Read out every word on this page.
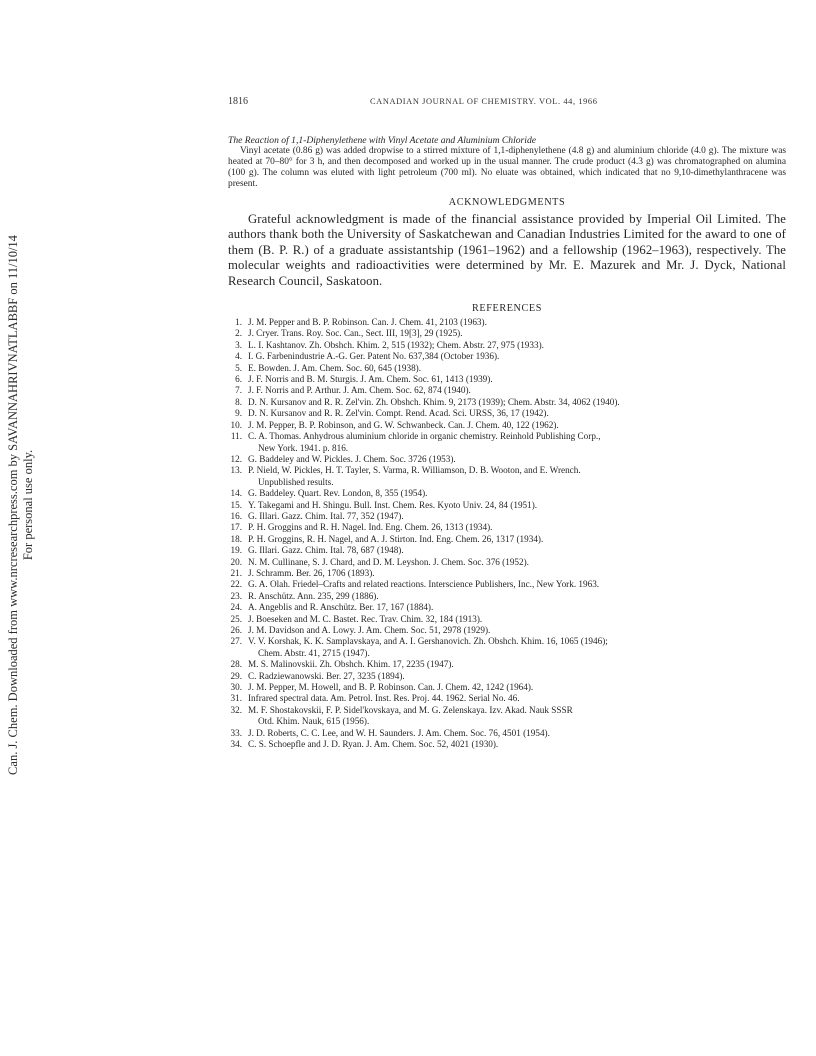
Can. J. Chem. Downloaded from www.nrcresearchpress.com by SAVANNAHRIVNATLABBF on 11/10/14 For personal use only.
1816	CANADIAN JOURNAL OF CHEMISTRY. VOL. 44, 1966
The Reaction of 1,1-Diphenylethene with Vinyl Acetate and Aluminium Chloride

Vinyl acetate (0.86 g) was added dropwise to a stirred mixture of 1,1-diphenylethene (4.8 g) and aluminium chloride (4.0 g). The mixture was heated at 70–80° for 3 h, and then decomposed and worked up in the usual manner. The crude product (4.3 g) was chromatographed on alumina (100 g). The column was eluted with light petroleum (700 ml). No eluate was obtained, which indicated that no 9,10-dimethylanthracene was present.

ACKNOWLEDGMENTS

Grateful acknowledgment is made of the financial assistance provided by Imperial Oil Limited. The authors thank both the University of Saskatchewan and Canadian Industries Limited for the award to one of them (B. P. R.) of a graduate assistantship (1961–1962) and a fellowship (1962–1963), respectively. The molecular weights and radioactivities were determined by Mr. E. Mazurek and Mr. J. Dyck, National Research Council, Saskatoon.

REFERENCES
1. J. M. Pepper and B. P. Robinson. Can. J. Chem. 41, 2103 (1963).
2. J. Cryer. Trans. Roy. Soc. Can., Sect. III, 19[3], 29 (1925).
3. L. I. Kashtanov. Zh. Obshch. Khim. 2, 515 (1932); Chem. Abstr. 27, 975 (1933).
4. I. G. Farbenindustrie A.-G. Ger. Patent No. 637,384 (October 1936).
5. E. Bowden. J. Am. Chem. Soc. 60, 645 (1938).
6. J. F. Norris and B. M. Sturgis. J. Am. Chem. Soc. 61, 1413 (1939).
7. J. F. Norris and P. Arthur. J. Am. Chem. Soc. 62, 874 (1940).
8. D. N. Kursanov and R. R. Zel'vin. Zh. Obshch. Khim. 9, 2173 (1939); Chem. Abstr. 34, 4062 (1940).
9. D. N. Kursanov and R. R. Zel'vin. Compt. Rend. Acad. Sci. URSS, 36, 17 (1942).
10. J. M. Pepper, B. P. Robinson, and G. W. Schwanbeck. Can. J. Chem. 40, 122 (1962).
11. C. A. Thomas. Anhydrous aluminium chloride in organic chemistry. Reinhold Publishing Corp.,
New York. 1941. p. 816.
12. G. Baddeley and W. Pickles. J. Chem. Soc. 3726 (1953).
13. P. Nield, W. Pickles, H. T. Tayler, S. Varma, R. Williamson, D. B. Wooton, and E. Wrench.
Unpublished results.
14. G. Baddeley. Quart. Rev. London, 8, 355 (1954).
15. Y. Takegami and H. Shingu. Bull. Inst. Chem. Res. Kyoto Univ. 24, 84 (1951).
16. G. Illari. Gazz. Chim. Ital. 77, 352 (1947).
17. P. H. Groggins and R. H. Nagel. Ind. Eng. Chem. 26, 1313 (1934).
18. P. H. Groggins, R. H. Nagel, and A. J. Stirton. Ind. Eng. Chem. 26, 1317 (1934).
19. G. Illari. Gazz. Chim. Ital. 78, 687 (1948).
20. N. M. Cullinane, S. J. Chard, and D. M. Leyshon. J. Chem. Soc. 376 (1952).
21. J. Schramm. Ber. 26, 1706 (1893).
22. G. A. Olah. Friedel–Crafts and related reactions. Interscience Publishers, Inc., New York. 1963.
23. R. Anschütz. Ann. 235, 299 (1886).
24. A. Angeblis and R. Anschütz. Ber. 17, 167 (1884).
25. J. Boeseken and M. C. Bastet. Rec. Trav. Chim. 32, 184 (1913).
26. J. M. Davidson and A. Lowy. J. Am. Chem. Soc. 51, 2978 (1929).
27. V. V. Korshak, K. K. Samplavskaya, and A. I. Gershanovich. Zh. Obshch. Khim. 16, 1065 (1946);
Chem. Abstr. 41, 2715 (1947).
28. M. S. Malinovskii. Zh. Obshch. Khim. 17, 2235 (1947).
29. C. Radziewanowski. Ber. 27, 3235 (1894).
30. J. M. Pepper, M. Howell, and B. P. Robinson. Can. J. Chem. 42, 1242 (1964).
31. Infrared spectral data. Am. Petrol. Inst. Res. Proj. 44. 1962. Serial No. 46.
32. M. F. Shostakovskii, F. P. Sidel'kovskaya, and M. G. Zelenskaya. Izv. Akad. Nauk SSSR
Otd. Khim. Nauk, 615 (1956).
33. J. D. Roberts, C. C. Lee, and W. H. Saunders. J. Am. Chem. Soc. 76, 4501 (1954).
34. C. S. Schoepfle and J. D. Ryan. J. Am. Chem. Soc. 52, 4021 (1930).
